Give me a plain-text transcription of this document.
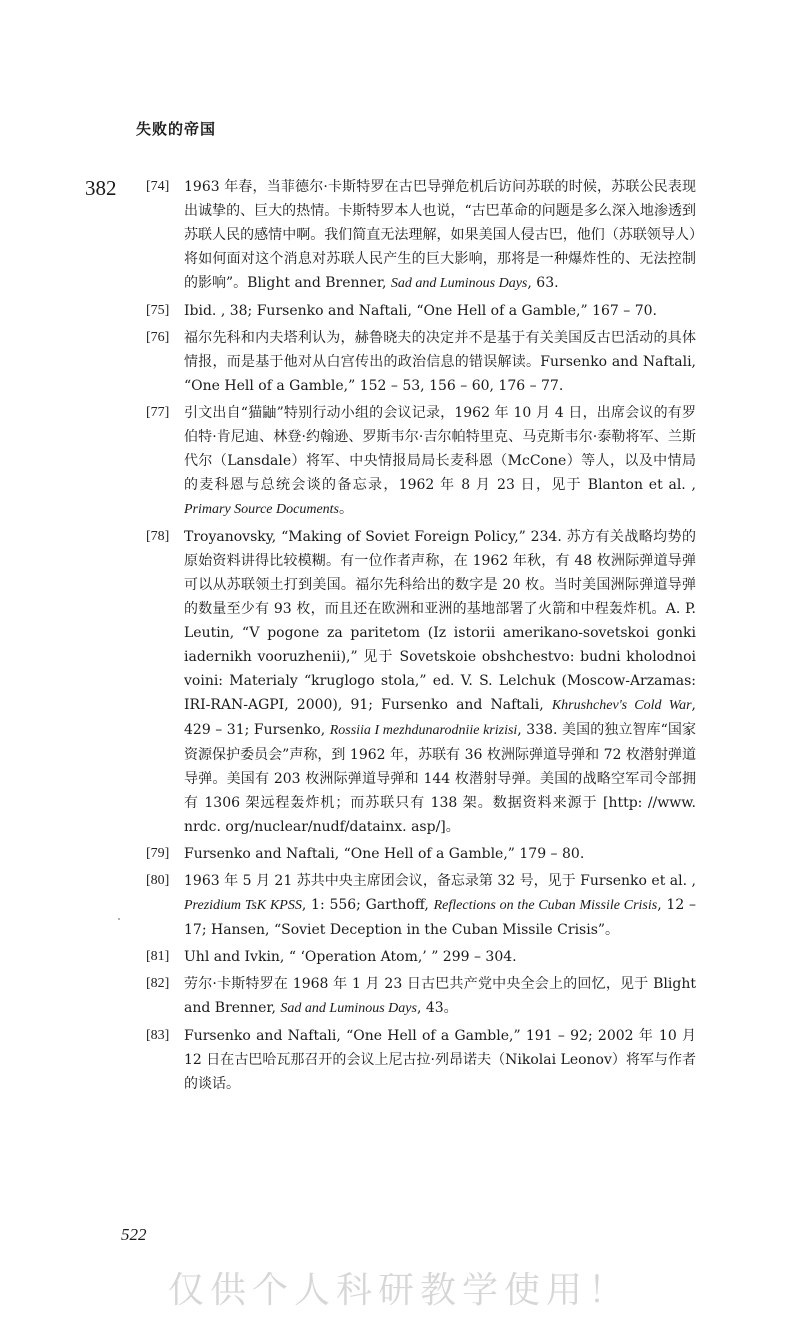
失败的帝国
382 [74]	1963 年春，当菲德尔·卡斯特罗在古巴导弹危机后访问苏联的时候，苏联公民表现出诚挚的、巨大的热情。卡斯特罗本人也说，“古巴革命的问题是多么深入地渗透到苏联人民的感情中啊。我们简直无法理解，如果美国人侵古巴，他们（苏联领导人）将如何面对这个消息对苏联人民产生的巨大影响，那将是一种爆炸性的、无法控制的影响”。Blight and Brenner, Sad and Luminous Days, 63.
[75]	Ibid. , 38; Fursenko and Naftali, “One Hell of a Gamble,” 167 – 70.
[76]	福尔先科和内夫塔利认为，赫鲁晓夫的决定并不是基于有关美国反古巴活动的具体情报，而是基于他对从白宫传出的政治信息的错误解读。Fursenko and Naftali, “One Hell of a Gamble,” 152 – 53, 156 – 60, 176 – 77.
[77]	引文出自“猫鼬”特别行动小组的会议记录，1962 年 10 月 4 日，出席会议的有罗伯特·肯尼迪、林登·约翰逊、罗斯韦尔·吉尔帕特里克、马克斯韦尔·泰勒将军、兰斯代尔（Lansdale）将军、中央情报局局长麦科恩（McCone）等人，以及中情局的麦科恩与总统会谈的备忘录，1962 年 8 月 23 日，见于 Blanton et al. , Primary Source Documents。
[78]	Troyanovsky, “Making of Soviet Foreign Policy,” 234. 苏方有关战略均势的原始资料讲得比较模糊。有一位作者声称，在 1962 年秋，有 48 枚洲际弹道导弹可以从苏联领土打到美国。福尔先科给出的数字是 20 枚。当时美国洲际弹道导弹的数量至少有 93 枚，而且还在欧洲和亚洲的基地部署了火箭和中程轰炸机。A. P. Leutin, “V pogone za paritetom (Iz istorii amerikano-sovetskoi gonki iadernikh vooruzhenii),” 见于 Sovetskoie obshchestvo: budni kholodnoi voini: Materialy “kruglogo stola,” ed. V. S. Lelchuk (Moscow-Arzamas: IRI-RAN-AGPI, 2000), 91; Fursenko and Naftali, Khrushchev's Cold War, 429 – 31; Fursenko, Rossiia I mezhdunarodniie krizisi, 338. 美国的独立智库“国家资源保护委员会”声称，到 1962 年，苏联有 36 枚洲际弹道导弹和 72 枚潜射弹道导弹。美国有 203 枚洲际弹道导弹和 144 枚潜射导弹。美国的战略空军司令部拥有 1306 架远程轰炸机；而苏联只有 138 架。数据资料来源于 [http: //www. nrdc. org/nuclear/nudf/datainx. asp/]。
[79]	Fursenko and Naftali, “One Hell of a Gamble,” 179 – 80.
[80]	1963 年 5 月 21 苏共中央主席团会议，备忘录第 32 号，见于 Fursenko et al. , Prezidium TsK KPSS, 1: 556; Garthoff, Reflections on the Cuban Missile Crisis, 12 – 17; Hansen, “Soviet Deception in the Cuban Missile Crisis”。
[81]	Uhl and Ivkin, “ ‘Operation Atom,’ ” 299 – 304.
[82]	劳尔·卡斯特罗在 1968 年 1 月 23 日古巴共产党中央全会上的回忆，见于 Blight and Brenner, Sad and Luminous Days, 43。
[83]	Fursenko and Naftali, “One Hell of a Gamble,” 191 – 92; 2002 年 10 月 12 日在古巴哈瓦那召开的会议上尼古拉·列昂诺夫（Nikolai Leonov）将军与作者的谈话。
522
仅供个人科研教学使用！
